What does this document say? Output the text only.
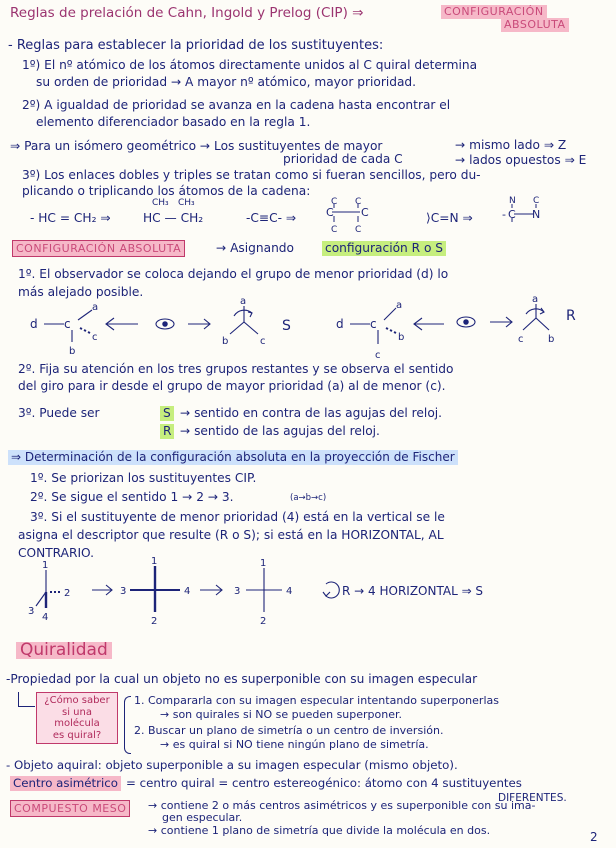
Reglas de prelación de Cahn, Ingold y Prelog (CIP) ⇒	CONFIGURACIÓN
ABSOLUTA
- Reglas para establecer la prioridad de los sustituyentes:
1º) El nº atómico de los átomos directamente unidos al C quiral determina
su orden de prioridad → A mayor nº atómico, mayor prioridad.
2º) A igualdad de prioridad se avanza en la cadena hasta encontrar el
elemento diferenciador basado en la regla 1.
⇒ Para un isómero geométrico → Los sustituyentes de mayor
prioridad de cada C
→ mismo lado ⇒ Z
→ lados opuestos ⇒ E
3º) Los enlaces dobles y triples se tratan como si fueran sencillos, pero du-
plicando o triplicando los átomos de la cadena:
- HC = CH₂ ⇒
CH₃ CH₃
HC — CH₂	-C≡C- ⇒
C C
C C
C C
⟩C=N ⇒
N C
- C N
CONFIGURACIÓN ABSOLUTA	→ Asignando	configuración R o S
1º. El observador se coloca dejando el grupo de menor prioridad (d) lo
más alejado posible.
d c
a
b
c
a
b	c
S	d c
a
b
c
a
c b
R
2º. Fija su atención en los tres grupos restantes y se observa el sentido
del giro para ir desde el grupo de mayor prioridad (a) al de menor (c).
3º. Puede ser	S → sentido en contra de las agujas del reloj.
R → sentido de las agujas del reloj.
⇒ Determinación de la configuración absoluta en la proyección de Fischer
1º. Se priorizan los sustituyentes CIP.
2º. Se sigue el sentido 1 → 2 → 3.	(a→b→c)
3º. Si el sustituyente de menor prioridad (4) está en la vertical se le
asigna el descriptor que resulte (R o S); si está en la HORIZONTAL, AL
CONTRARIO.
1
2
3
4
3
1
4
2
3
1
4
2
R → 4 HORIZONTAL ⇒ S
Quiralidad
-Propiedad por la cual un objeto no es superponible con su imagen especular
¿Cómo saber
si una molécula
es quiral?
1. Compararla con su imagen especular intentando superponerlas
→ son quirales si NO se pueden superponer.
2. Buscar un plano de simetría o un centro de inversión.
→ es quiral si NO tiene ningún plano de simetría.
- Objeto aquiral: objeto superponible a su imagen especular (mismo objeto).
Centro asimétrico = centro quiral = centro estereogénico: átomo con 4 sustituyentes
DIFERENTES.
COMPUESTO MESO	→ contiene 2 o más centros asimétricos y es superponible con su ima-
gen especular.
→ contiene 1 plano de simetría que divide la molécula en dos.	2
